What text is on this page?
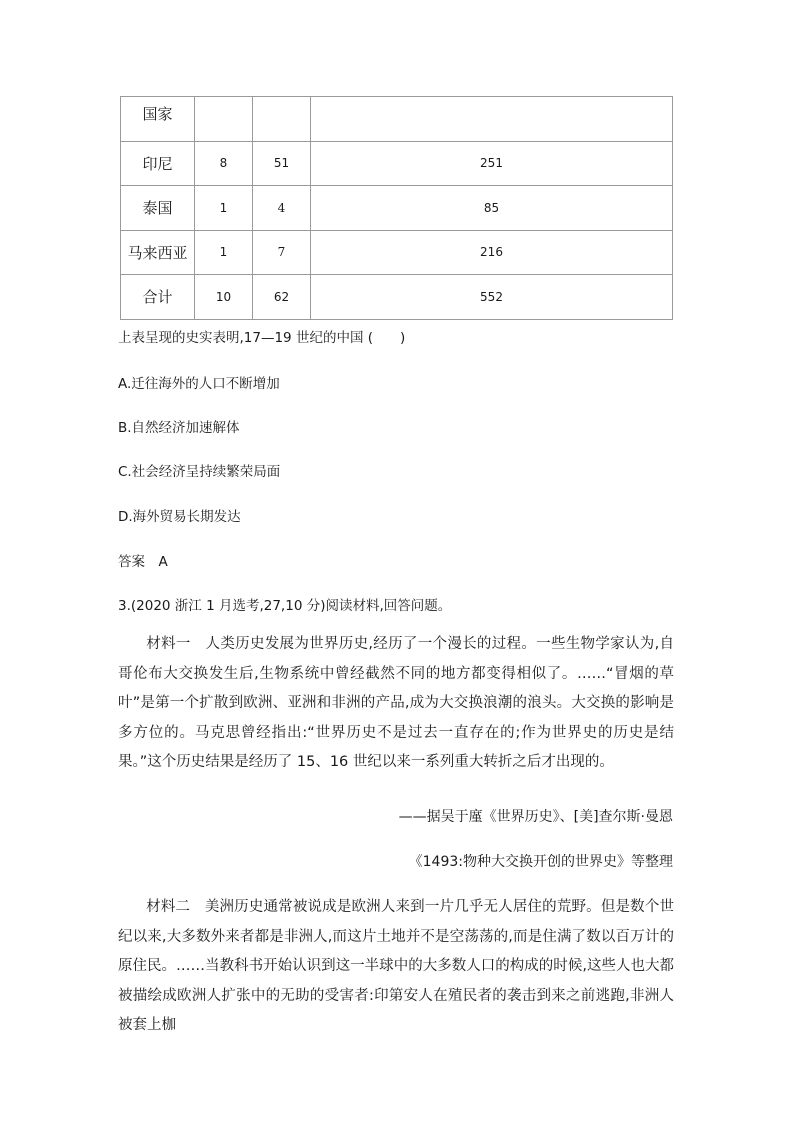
国家			
印尼	8	51	251
泰国	1	4	85
马来西亚	1	7	216
合计	10	62	552
上表呈现的史实表明,17—19 世纪的中国 (　　)
A.迁往海外的人口不断增加
B.自然经济加速解体
C.社会经济呈持续繁荣局面
D.海外贸易长期发达
答案　A
3.(2020 浙江 1 月选考,27,10 分)阅读材料,回答问题。
材料一　人类历史发展为世界历史,经历了一个漫长的过程。一些生物学家认为,自哥伦布大交换发生后,生物系统中曾经截然不同的地方都变得相似了。……“冒烟的草叶”是第一个扩散到欧洲、亚洲和非洲的产品,成为大交换浪潮的浪头。大交换的影响是多方位的。马克思曾经指出:“世界历史不是过去一直存在的;作为世界史的历史是结果。”这个历史结果是经历了 15、16 世纪以来一系列重大转折之后才出现的。
——据吴于廑《世界历史》、[美]查尔斯·曼恩
《1493:物种大交换开创的世界史》等整理
材料二　美洲历史通常被说成是欧洲人来到一片几乎无人居住的荒野。但是数个世纪以来,大多数外来者都是非洲人,而这片土地并不是空荡荡的,而是住满了数以百万计的原住民。……当教科书开始认识到这一半球中的大多数人口的构成的时候,这些人也大都被描绘成欧洲人扩张中的无助的受害者:印第安人在殖民者的袭击到来之前逃跑,非洲人被套上枷
